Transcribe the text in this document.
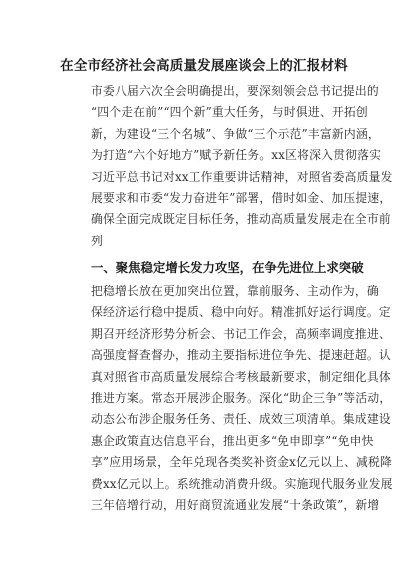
在全市经济社会高质量发展座谈会上的汇报材料
市委八届六次全会明确提出，要深刻领会总书记提出的
“四个走在前”“四个新”重大任务，与时俱进、开拓创
新，为建设“三个名城”、争做“三个示范”丰富新内涵，
为打造“六个好地方”赋予新任务。xx区将深入贯彻落实
习近平总书记对xx工作重要讲话精神，对照省委高质量发
展要求和市委“发力奋进年”部署，借时如金、加压提速，
确保全面完成既定目标任务，推动高质量发展走在全市前
列
一、聚焦稳定增长发力攻坚，在争先进位上求突破
把稳增长放在更加突出位置，靠前服务、主动作为，确
保经济运行稳中提质、稳中向好。精准抓好运行调度。定
期召开经济形势分析会、书记工作会，高频率调度推进、
高强度督查督办，推动主要指标进位争先、提速赶超。认
真对照省市高质量发展综合考核最新要求，制定细化具体
推进方案。常态开展涉企服务。深化“助企三争”等活动，
动态公布涉企服务任务、责任、成效三项清单。集成建设
惠企政策直达信息平台，推出更多“免申即享”“免申快
享”应用场景，全年兑现各类奖补资金x亿元以上、减税降
费xx亿元以上。系统推动消费升级。实施现代服务业发展
三年倍增行动，用好商贸流通业发展“十条政策”，新增
